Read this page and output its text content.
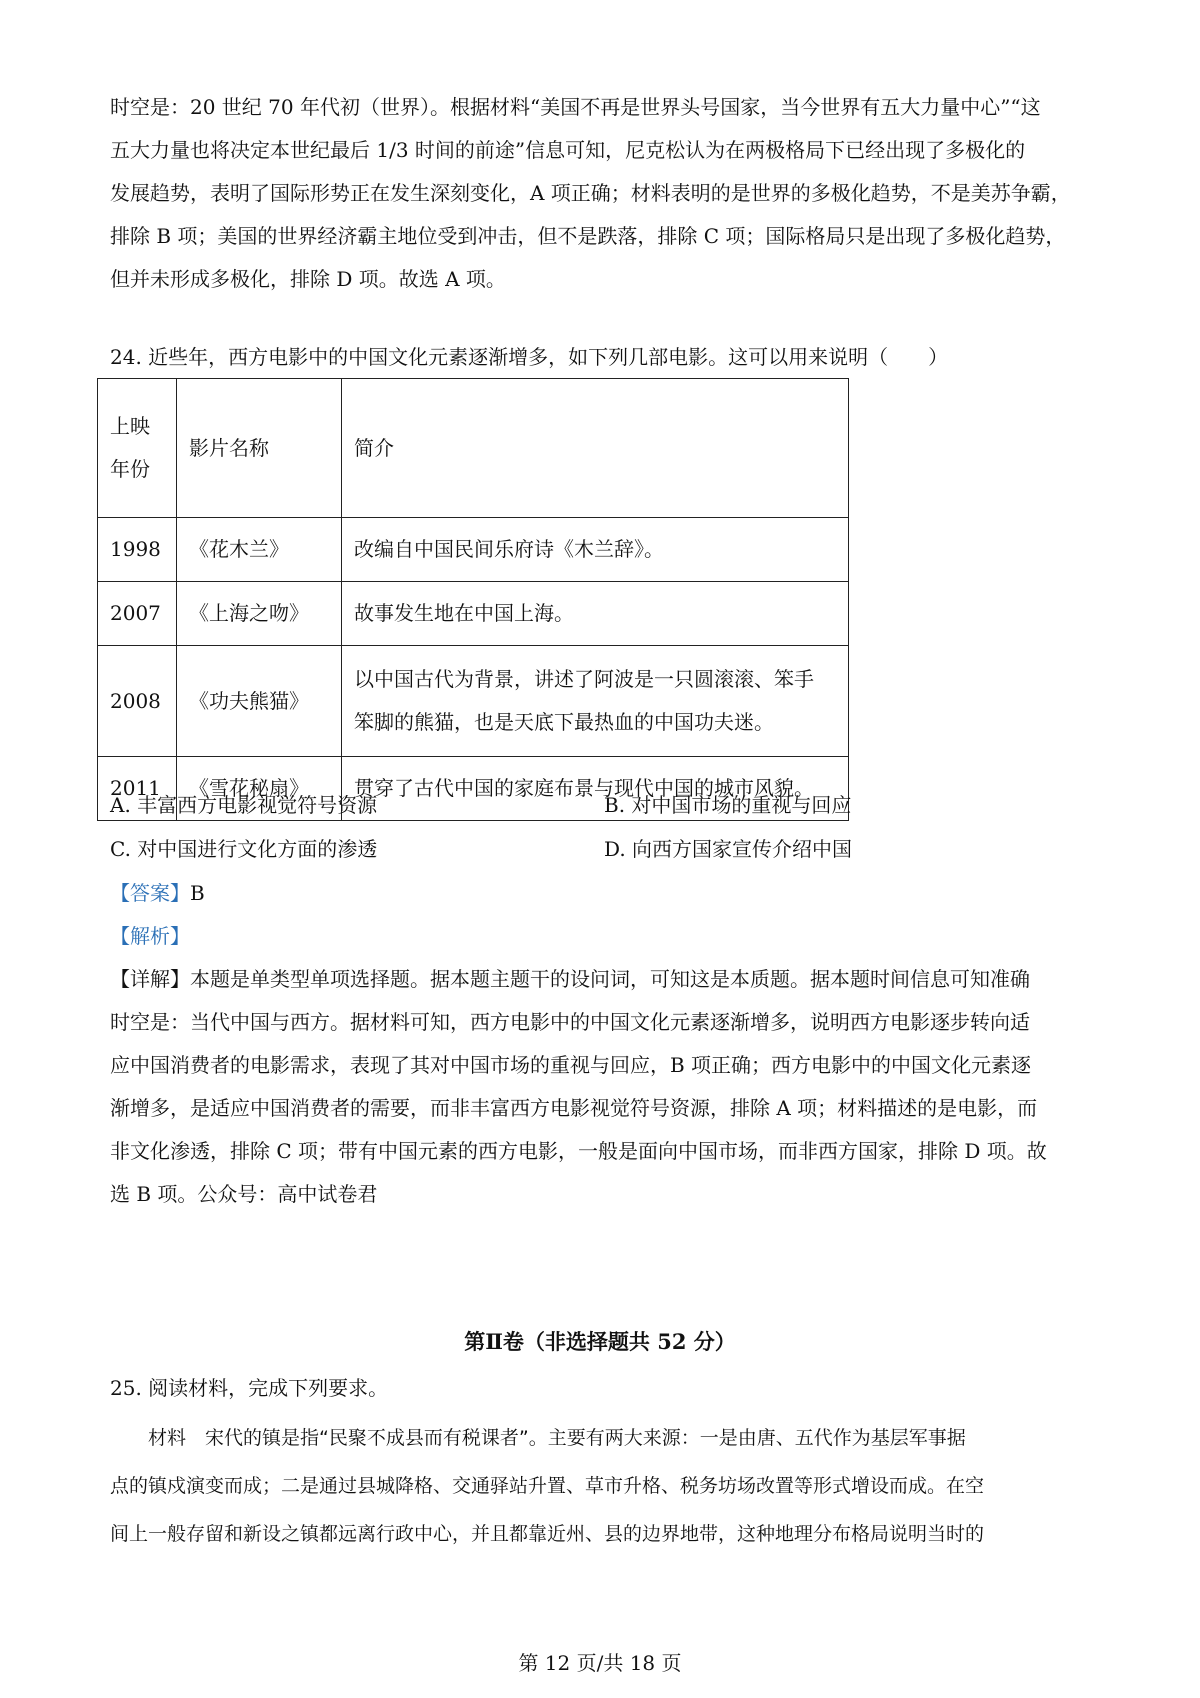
时空是：20 世纪 70 年代初（世界）。根据材料“美国不再是世界头号国家，当今世界有五大力量中心”“这
五大力量也将决定本世纪最后 1/3 时间的前途”信息可知，尼克松认为在两极格局下已经出现了多极化的
发展趋势，表明了国际形势正在发生深刻变化，A 项正确；材料表明的是世界的多极化趋势，不是美苏争霸，
排除 B 项；美国的世界经济霸主地位受到冲击，但不是跌落，排除 C 项；国际格局只是出现了多极化趋势，
但并未形成多极化，排除 D 项。故选 A 项。
24. 近些年，西方电影中的中国文化元素逐渐增多，如下列几部电影。这可以用来说明（　　）
上映
年份	影片名称	简介
1998	《花木兰》	改编自中国民间乐府诗《木兰辞》。
2007	《上海之吻》	故事发生地在中国上海。
2008	《功夫熊猫》	以中国古代为背景，讲述了阿波是一只圆滚滚、笨手
笨脚的熊猫，也是天底下最热血的中国功夫迷。

2011	《雪花秘扇》	贯穿了古代中国的家庭布景与现代中国的城市风貌。
A. 丰富西方电影视觉符号资源	B. 对中国市场的重视与回应
C. 对中国进行文化方面的渗透	D. 向西方国家宣传介绍中国
【答案】B
【解析】
【详解】本题是单类型单项选择题。据本题主题干的设问词，可知这是本质题。据本题时间信息可知准确
时空是：当代中国与西方。据材料可知，西方电影中的中国文化元素逐渐增多，说明西方电影逐步转向适
应中国消费者的电影需求，表现了其对中国市场的重视与回应，B 项正确；西方电影中的中国文化元素逐
渐增多，是适应中国消费者的需要，而非丰富西方电影视觉符号资源，排除 A 项；材料描述的是电影，而
非文化渗透，排除 C 项；带有中国元素的西方电影，一般是面向中国市场，而非西方国家，排除 D 项。故
选 B 项。公众号：高中试卷君
第Ⅱ卷（非选择题共 52 分）
25. 阅读材料，完成下列要求。
　　材料　宋代的镇是指“民聚不成县而有税课者”。主要有两大来源：一是由唐、五代作为基层军事据
点的镇戍演变而成；二是通过县城降格、交通驿站升置、草市升格、税务坊场改置等形式增设而成。在空
间上一般存留和新设之镇都远离行政中心，并且都靠近州、县的边界地带，这种地理分布格局说明当时的
第 12 页/共 18 页
